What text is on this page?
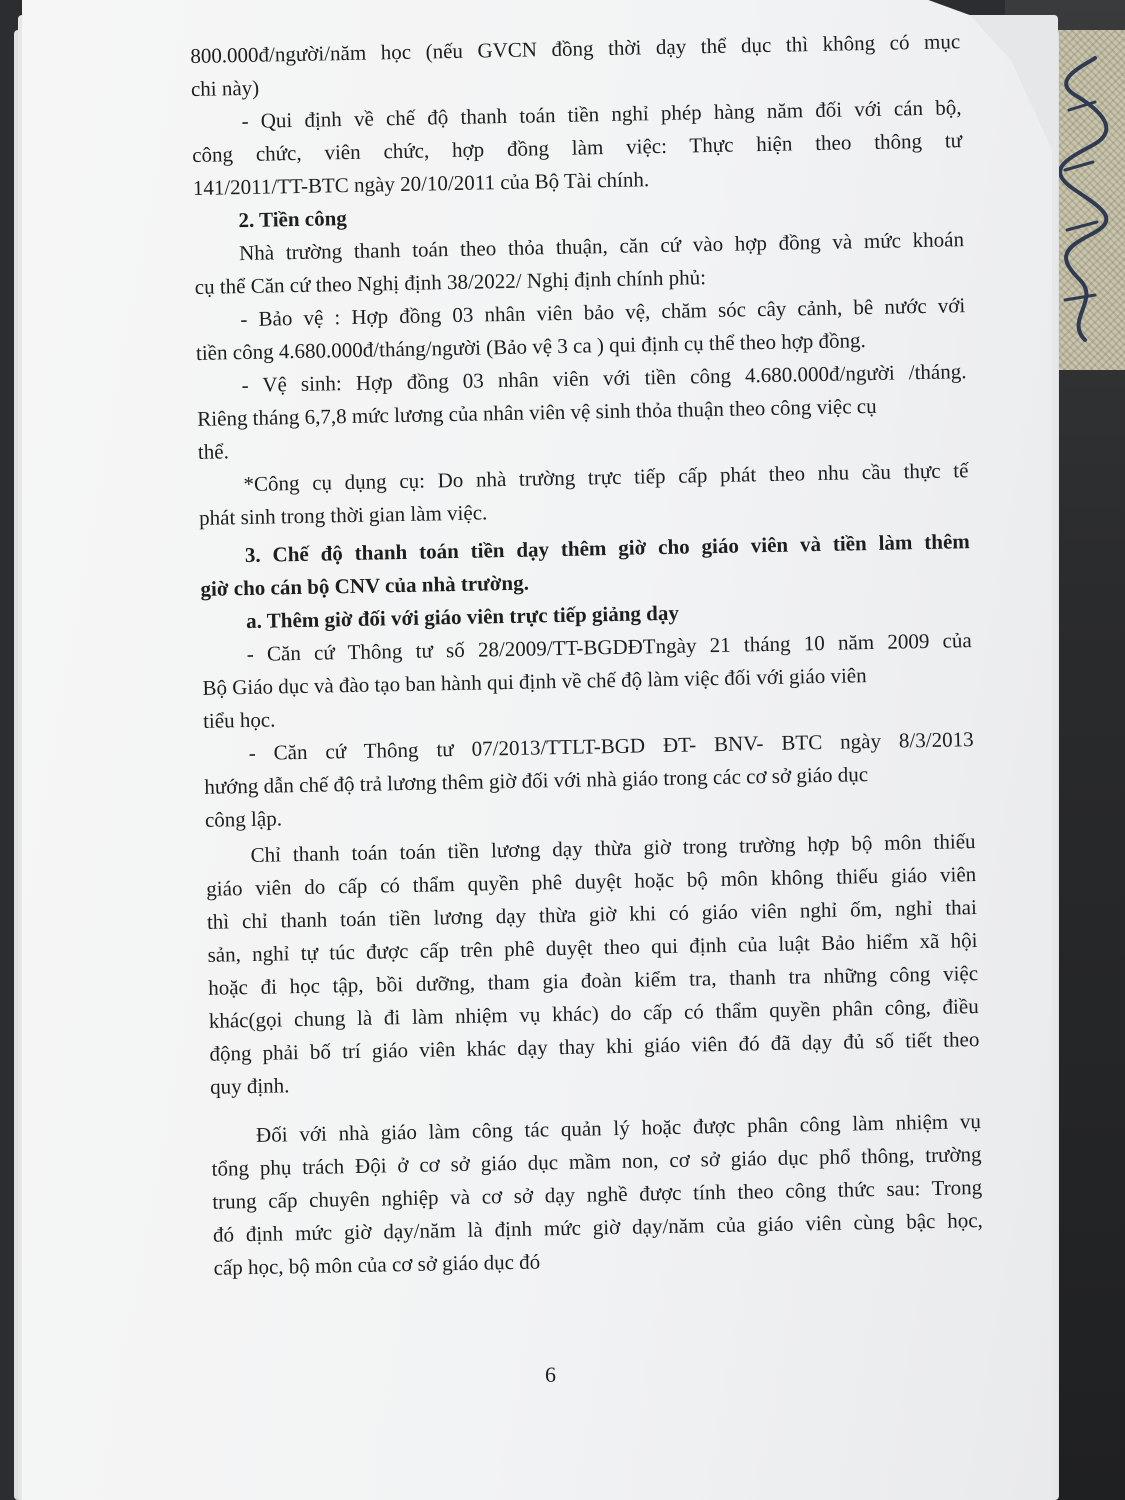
800.000đ/người/năm học (nếu GVCN đồng thời dạy thể dục thì không có mục
chi này)
- Qui định về chế độ thanh toán tiền nghỉ phép hàng năm đối với cán bộ,
công chức, viên chức, hợp đồng làm việc: Thực hiện theo thông tư
141/2011/TT-BTC ngày 20/10/2011 của Bộ Tài chính.
2. Tiền công
Nhà trường thanh toán theo thỏa thuận, căn cứ vào hợp đồng và mức khoán
cụ thể Căn cứ theo Nghị định 38/2022/ Nghị định chính phủ:
- Bảo vệ : Hợp đồng 03 nhân viên bảo vệ, chăm sóc cây cảnh, bê nước với
tiền công 4.680.000đ/tháng/người (Bảo vệ 3 ca ) qui định cụ thể theo hợp đồng.
- Vệ sinh: Hợp đồng 03 nhân viên với tiền công 4.680.000đ/người /tháng.
Riêng tháng 6,7,8 mức lương của nhân viên vệ sinh thỏa thuận theo công việc cụ
thể.
*Công cụ dụng cụ: Do nhà trường trực tiếp cấp phát theo nhu cầu thực tế
phát sinh trong thời gian làm việc.
3. Chế độ thanh toán tiền dạy thêm giờ cho giáo viên và tiền làm thêm
giờ cho cán bộ CNV của nhà trường.
a. Thêm giờ đối với giáo viên trực tiếp giảng dạy
- Căn cứ Thông tư số 28/2009/TT-BGDĐTngày 21 tháng 10 năm 2009 của
Bộ Giáo dục và đào tạo ban hành qui định về chế độ làm việc đối với giáo viên
tiểu học.
- Căn cứ Thông tư 07/2013/TTLT-BGD ĐT- BNV- BTC ngày 8/3/2013
hướng dẫn chế độ trả lương thêm giờ đối với nhà giáo trong các cơ sở giáo dục
công lập.
Chỉ thanh toán toán tiền lương dạy thừa giờ trong trường hợp bộ môn thiếu
giáo viên do cấp có thẩm quyền phê duyệt hoặc bộ môn không thiếu giáo viên
thì chỉ thanh toán tiền lương dạy thừa giờ khi có giáo viên nghỉ ốm, nghỉ thai
sản, nghỉ tự túc được cấp trên phê duyệt theo qui định của luật Bảo hiểm xã hội
hoặc đi học tập, bồi dưỡng, tham gia đoàn kiểm tra, thanh tra những công việc
khác(gọi chung là đi làm nhiệm vụ khác) do cấp có thẩm quyền phân công, điều
động phải bố trí giáo viên khác dạy thay khi giáo viên đó đã dạy đủ số tiết theo
quy định.
Đối với nhà giáo làm công tác quản lý hoặc được phân công làm nhiệm vụ
tổng phụ trách Đội ở cơ sở giáo dục mầm non, cơ sở giáo dục phổ thông, trường
trung cấp chuyên nghiệp và cơ sở dạy nghề được tính theo công thức sau: Trong
đó định mức giờ dạy/năm là định mức giờ dạy/năm của giáo viên cùng bậc học,
cấp học, bộ môn của cơ sở giáo dục đó
6
